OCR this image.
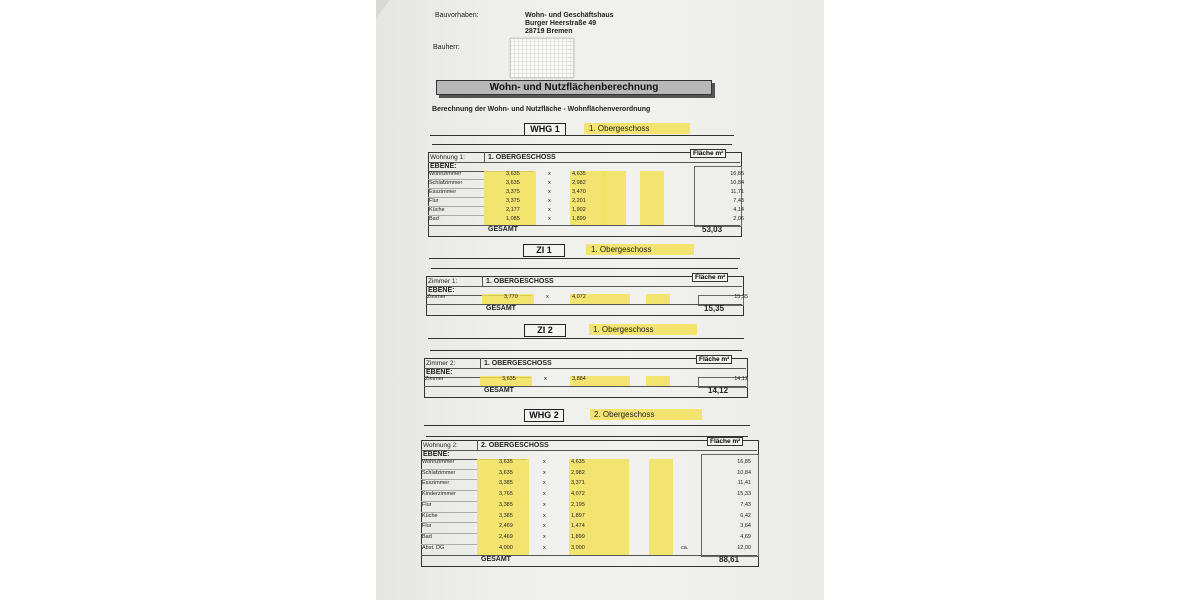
Bauvorhaben:	Wohn- und Geschäftshaus
Burger Heerstraße 49
28719 Bremen
Bauherr:
Wohn- und Nutzflächenberechnung
Berechnung der Wohn- und Nutzfläche - Wohnflächenverordnung
WHG 1	1. Obergeschoss
Wohnung 1:	1. OBERGESCHOSS
Fläche m²
EBENE:
Wohnzimmer	3,635	x	4,635	16,85
Schlafzimmer	3,635	x	2,982	10,84
Esszimmer	3,375	x	3,470	11,71
Flur	3,375	x	2,201	7,43
Küche	2,177	x	1,902	4,14
Bad	1,085	x	1,899	2,06
GESAMT	53,03
ZI 1	1. Obergeschoss
Zimmer 1:	1. OBERGESCHOSS
Fläche m²
EBENE:
Zimmer	3,770	x	4,072	15,35
GESAMT	15,35
ZI 2	1. Obergeschoss
Zimmer 2:	1. OBERGESCHOSS
Fläche m²
EBENE:
Zimmer	3,635	x	3,884	14,12
GESAMT	14,12
WHG 2	2. Obergeschoss
Wohnung 2:	2. OBERGESCHOSS
Fläche m²
EBENE:
Wohnzimmer	3,635	x	4,635	16,85
Schlafzimmer	3,635	x	2,982	10,84
Esszimmer	3,385	x	3,371	11,41
Kinderzimmer	3,765	x	4,072	15,33
Flur	3,385	x	2,195	7,43
Küche	3,385	x	1,897	6,42
Flur	2,469	x	1,474	3,64
Bad	2,469	x	1,899	4,69
Abst. DG	4,000	x	3,000	ca.	12,00
GESAMT	88,61
